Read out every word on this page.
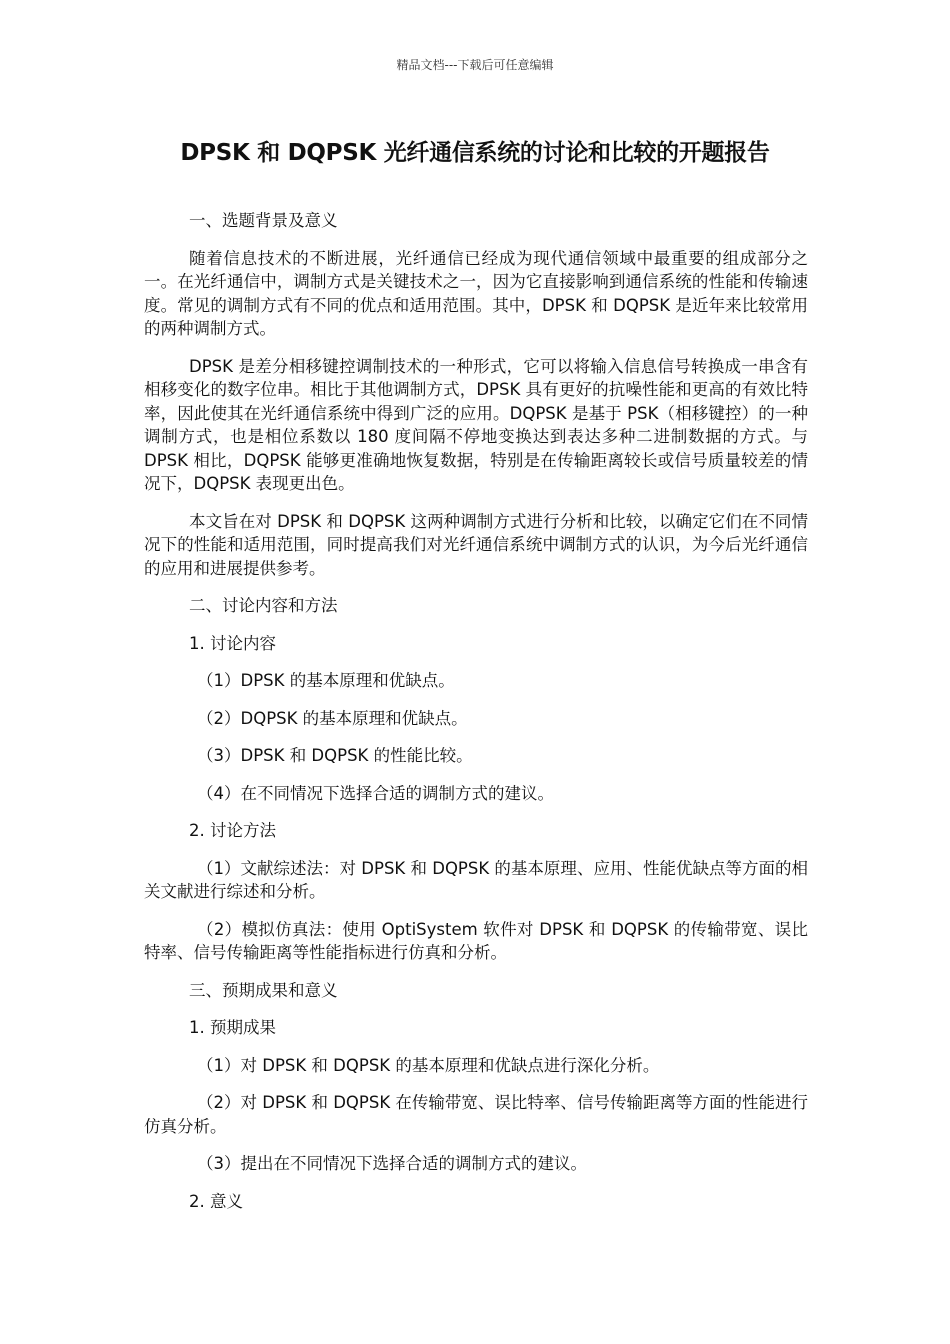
精品文档---下载后可任意编辑
DPSK 和 DQPSK 光纤通信系统的讨论和比较的开题报告

一、选题背景及意义

随着信息技术的不断进展，光纤通信已经成为现代通信领域中最重要的组成部分之一。在光纤通信中，调制方式是关键技术之一，因为它直接影响到通信系统的性能和传输速度。常见的调制方式有不同的优点和适用范围。其中，DPSK 和 DQPSK 是近年来比较常用的两种调制方式。

DPSK 是差分相移键控调制技术的一种形式，它可以将输入信息信号转换成一串含有相移变化的数字位串。相比于其他调制方式，DPSK 具有更好的抗噪性能和更高的有效比特率，因此使其在光纤通信系统中得到广泛的应用。DQPSK 是基于 PSK（相移键控）的一种调制方式，也是相位系数以 180 度间隔不停地变换达到表达多种二进制数据的方式。与 DPSK 相比，DQPSK 能够更准确地恢复数据，特别是在传输距离较长或信号质量较差的情况下，DQPSK 表现更出色。

本文旨在对 DPSK 和 DQPSK 这两种调制方式进行分析和比较，以确定它们在不同情况下的性能和适用范围，同时提高我们对光纤通信系统中调制方式的认识，为今后光纤通信的应用和进展提供参考。

二、讨论内容和方法

1. 讨论内容

（1）DPSK 的基本原理和优缺点。

（2）DQPSK 的基本原理和优缺点。

（3）DPSK 和 DQPSK 的性能比较。

（4）在不同情况下选择合适的调制方式的建议。

2. 讨论方法

（1）文献综述法：对 DPSK 和 DQPSK 的基本原理、应用、性能优缺点等方面的相关文献进行综述和分析。

（2）模拟仿真法：使用 OptiSystem 软件对 DPSK 和 DQPSK 的传输带宽、误比特率、信号传输距离等性能指标进行仿真和分析。

三、预期成果和意义

1. 预期成果

（1）对 DPSK 和 DQPSK 的基本原理和优缺点进行深化分析。

（2）对 DPSK 和 DQPSK 在传输带宽、误比特率、信号传输距离等方面的性能进行仿真分析。

（3）提出在不同情况下选择合适的调制方式的建议。

2. 意义
